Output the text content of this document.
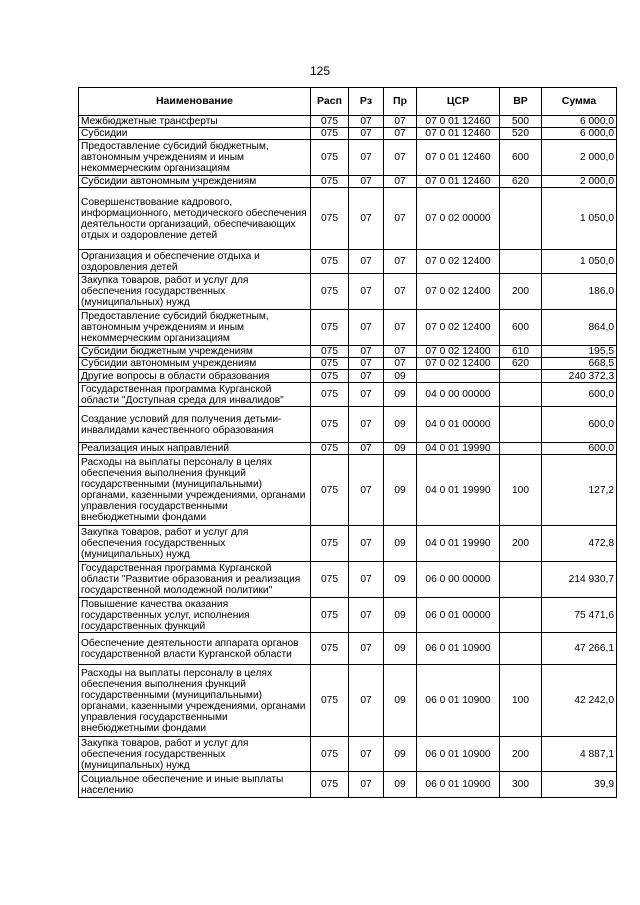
125
Наименование	Расп	Рз	Пр	ЦСР	ВР	Сумма
Межбюджетные трансферты	075	07	07	07 0 01 12460	500	6 000,0
Субсидии	075	07	07	07 0 01 12460	520	6 000,0
Предоставление субсидий бюджетным, автономным учреждениям и иным некоммерческим организациям	075	07	07	07 0 01 12460	600	2 000,0
Субсидии автономным учреждениям	075	07	07	07 0 01 12460	620	2 000,0
Совершенствование кадрового, информационного, методического обеспечения деятельности организаций, обеспечивающих отдых и оздоровление детей	075	07	07	07 0 02 00000		1 050,0
Организация и обеспечение отдыха и оздоровления детей	075	07	07	07 0 02 12400		1 050,0
Закупка товаров, работ и услуг для обеспечения государственных (муниципальных) нужд	075	07	07	07 0 02 12400	200	186,0
Предоставление субсидий бюджетным, автономным учреждениям и иным некоммерческим организациям	075	07	07	07 0 02 12400	600	864,0
Субсидии бюджетным учреждениям	075	07	07	07 0 02 12400	610	195,5
Субсидии автономным учреждениям	075	07	07	07 0 02 12400	620	668,5
Другие вопросы в области образования	075	07	09			240 372,3
Государственная программа Курганской области "Доступная среда для инвалидов"	075	07	09	04 0 00 00000		600,0
Создание условий для получения детьми-инвалидами качественного образования	075	07	09	04 0 01 00000		600,0
Реализация иных направлений	075	07	09	04 0 01 19990		600,0
Расходы на выплаты персоналу в целях обеспечения выполнения функций государственными (муниципальными) органами, казенными учреждениями, органами управления государственными внебюджетными фондами	075	07	09	04 0 01 19990	100	127,2
Закупка товаров, работ и услуг для обеспечения государственных (муниципальных) нужд	075	07	09	04 0 01 19990	200	472,8
Государственная программа Курганской области "Развитие образования и реализация государственной молодежной политики"	075	07	09	06 0 00 00000		214 930,7
Повышение качества оказания государственных услуг, исполнения государственных функций	075	07	09	06 0 01 00000		75 471,6
Обеспечение деятельности аппарата органов государственной власти Курганской области	075	07	09	06 0 01 10900		47 266,1
Расходы на выплаты персоналу в целях обеспечения выполнения функций государственными (муниципальными) органами, казенными учреждениями, органами управления государственными внебюджетными фондами	075	07	09	06 0 01 10900	100	42 242,0
Закупка товаров, работ и услуг для обеспечения государственных (муниципальных) нужд	075	07	09	06 0 01 10900	200	4 887,1
Социальное обеспечение и иные выплаты населению	075	07	09	06 0 01 10900	300	39,9
